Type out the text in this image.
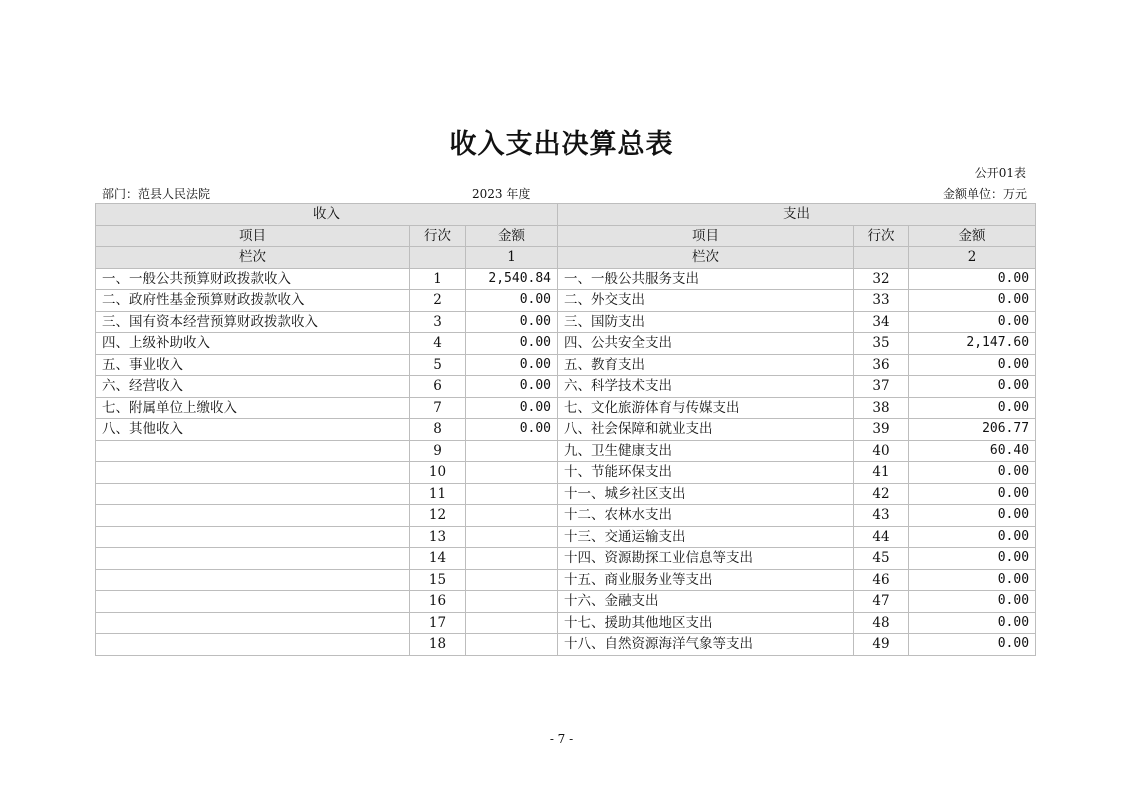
收入支出决算总表
公开01表
部门：范县人民法院	2023 年度	金额单位：万元
收入			支出		
项目	行次	金额	项目	行次	金额
栏次		1	栏次		2
一、一般公共预算财政拨款收入	1	2,540.84	一、一般公共服务支出	32	0.00
二、政府性基金预算财政拨款收入	2	0.00	二、外交支出	33	0.00
三、国有资本经营预算财政拨款收入	3	0.00	三、国防支出	34	0.00
四、上级补助收入	4	0.00	四、公共安全支出	35	2,147.60
五、事业收入	5	0.00	五、教育支出	36	0.00
六、经营收入	6	0.00	六、科学技术支出	37	0.00
七、附属单位上缴收入	7	0.00	七、文化旅游体育与传媒支出	38	0.00
八、其他收入	8	0.00	八、社会保障和就业支出	39	206.77
	9		九、卫生健康支出	40	60.40
	10		十、节能环保支出	41	0.00
	11		十一、城乡社区支出	42	0.00
	12		十二、农林水支出	43	0.00
	13		十三、交通运输支出	44	0.00
	14		十四、资源勘探工业信息等支出	45	0.00
	15		十五、商业服务业等支出	46	0.00
	16		十六、金融支出	47	0.00
	17		十七、援助其他地区支出	48	0.00
	18		十八、自然资源海洋气象等支出	49	0.00
- 7 -
